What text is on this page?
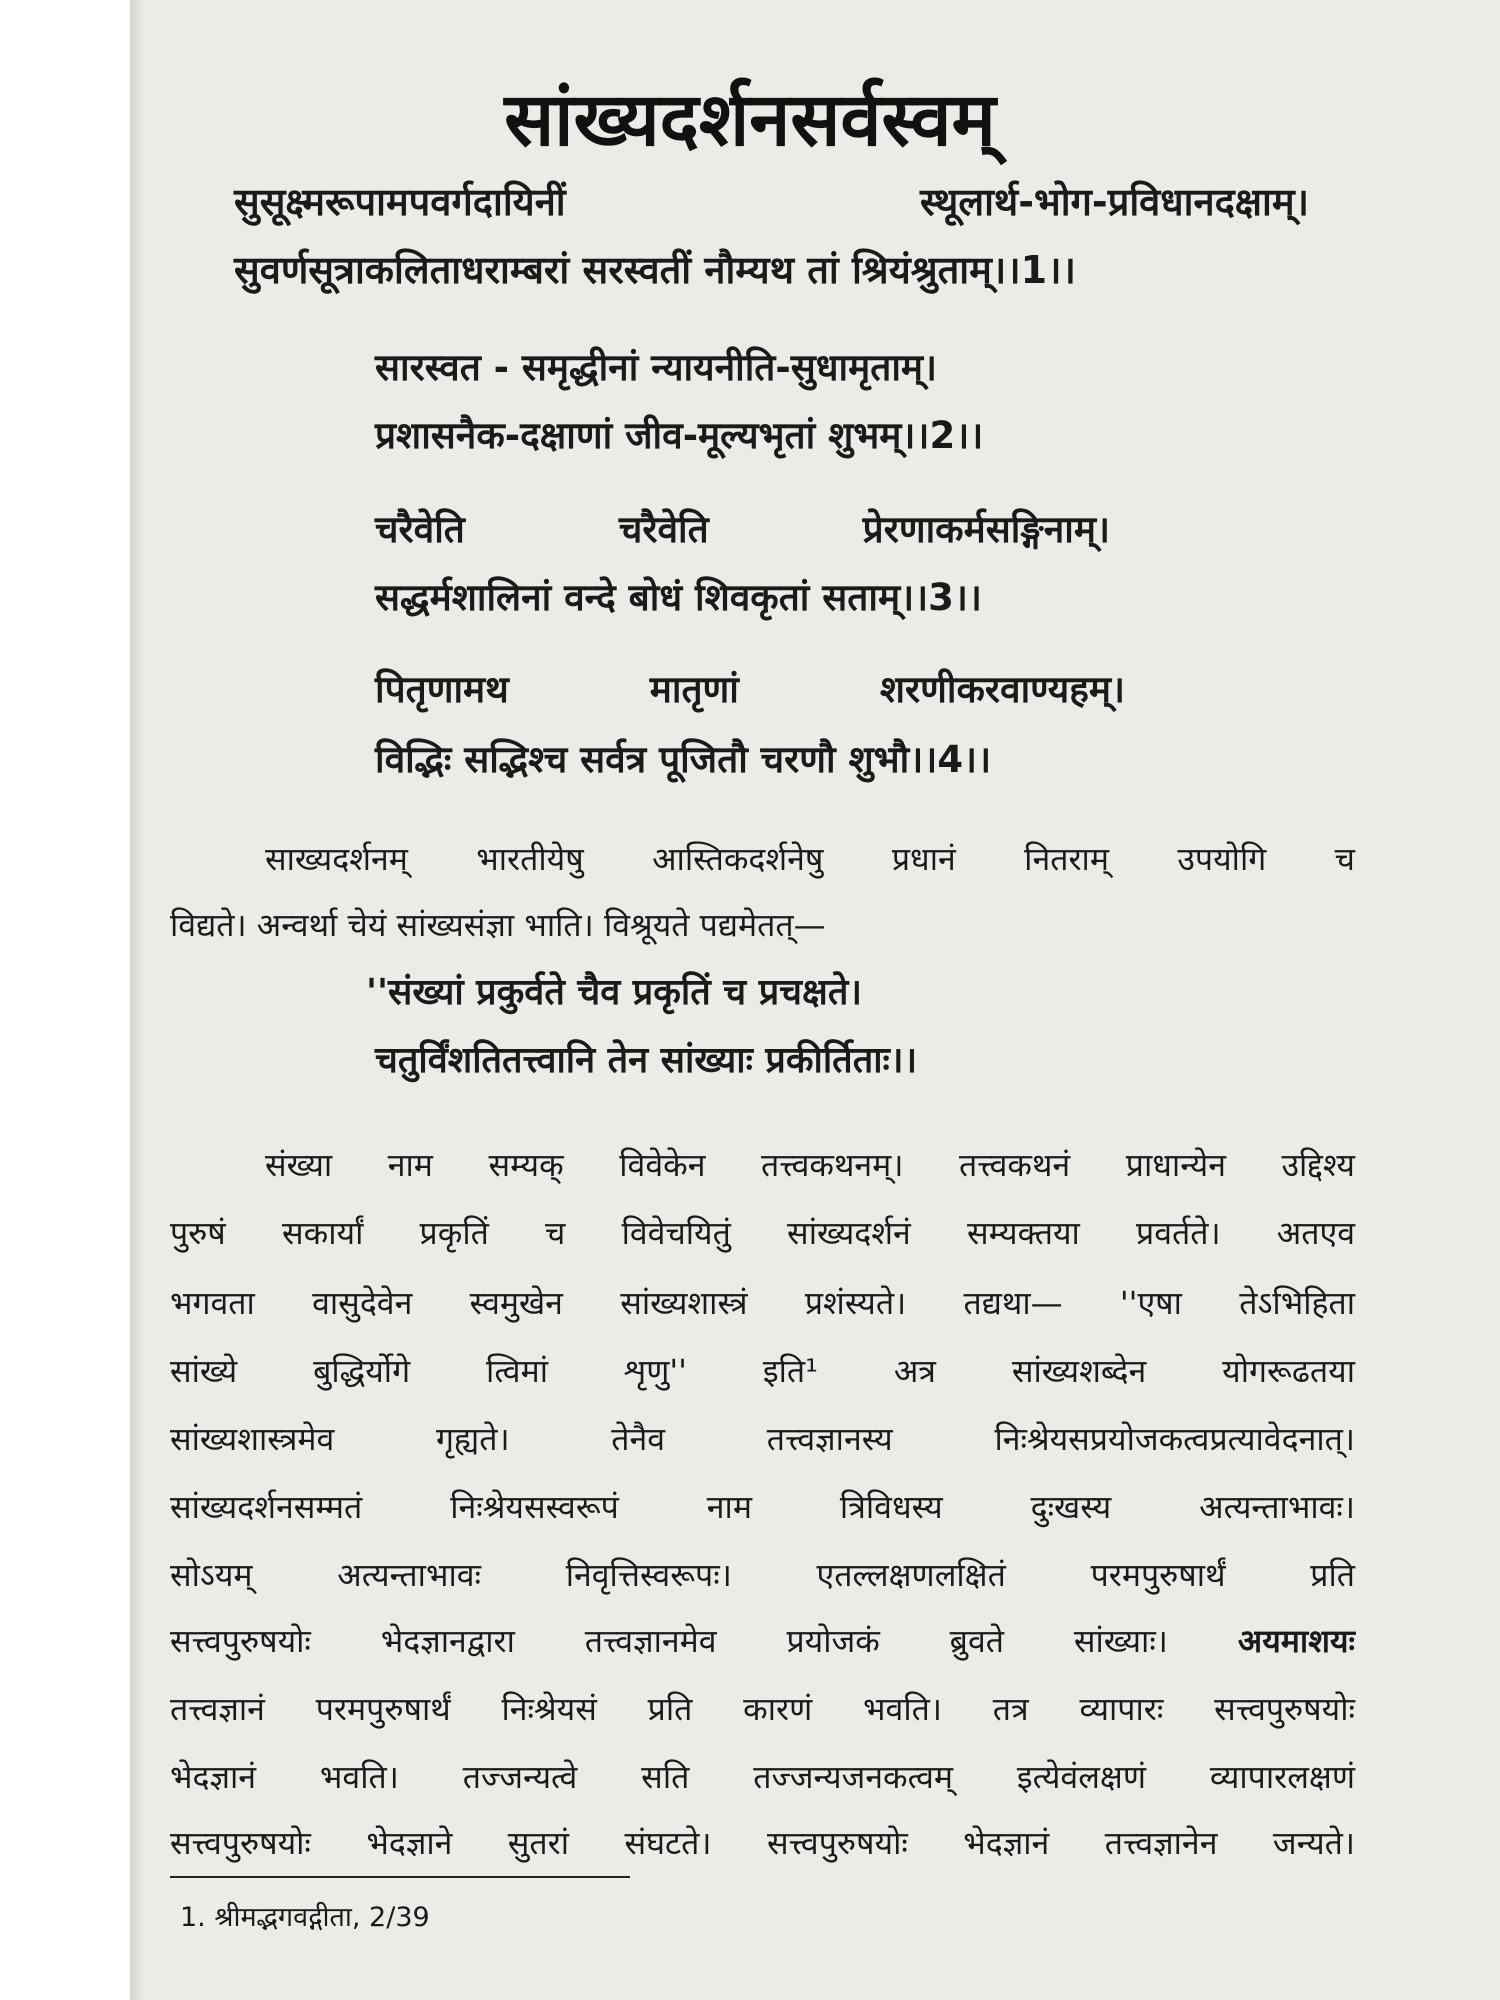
सांख्यदर्शनसर्वस्वम्

सुसूक्ष्मरूपामपवर्गदायिनीं स्थूलार्थ-भोग-प्रविधानदक्षाम्।

सुवर्णसूत्राकलिताधराम्बरां सरस्वतीं नौम्यथ तां श्रियंश्रुताम्।।1।।

सारस्वत - समृद्धीनां न्यायनीति-सुधामृताम्।

प्रशासनैक-दक्षाणां जीव-मूल्यभृतां शुभम्।।2।।

चरैवेति चरैवेति प्रेरणाकर्मसङ्गिनाम्।

सद्धर्मशालिनां वन्दे बोधं शिवकृतां सताम्।।3।।

पितृणामथ मातृणां शरणीकरवाण्यहम्।

विद्भिः सद्भिश्च सर्वत्र पूजितौ चरणौ शुभौ।।4।।

साख्यदर्शनम् भारतीयेषु आस्तिकदर्शनेषु प्रधानं नितराम् उपयोगि च

विद्यते। अन्वर्था चेयं सांख्यसंज्ञा भाति। विश्रूयते पद्यमेतत्—

''संख्यां प्रकुर्वते चैव प्रकृतिं च प्रचक्षते।

चतुर्विंशतितत्त्वानि तेन सांख्याः प्रकीर्तिताः।।

संख्या नाम सम्यक् विवेकेन तत्त्वकथनम्। तत्त्वकथनं प्राधान्येन उद्दिश्य

पुरुषं सकार्यां प्रकृतिं च विवेचयितुं सांख्यदर्शनं सम्यक्तया प्रवर्तते। अतएव

भगवता वासुदेवेन स्वमुखेन सांख्यशास्त्रं प्रशंस्यते। तद्यथा— ''एषा तेऽभिहिता

सांख्ये बुद्धिर्योगे त्विमां शृणु'' इति¹ अत्र सांख्यशब्देन योगरूढतया

सांख्यशास्त्रमेव गृह्यते। तेनैव तत्त्वज्ञानस्य निःश्रेयसप्रयोजकत्वप्रत्यावेदनात्।

सांख्यदर्शनसम्मतं निःश्रेयसस्वरूपं नाम त्रिविधस्य दुःखस्य अत्यन्ताभावः।

सोऽयम् अत्यन्ताभावः निवृत्तिस्वरूपः। एतल्लक्षणलक्षितं परमपुरुषार्थं प्रति

सत्त्वपुरुषयोः भेदज्ञानद्वारा तत्त्वज्ञानमेव प्रयोजकं ब्रुवते सांख्याः। अयमाशयः

तत्त्वज्ञानं परमपुरुषार्थं निःश्रेयसं प्रति कारणं भवति। तत्र व्यापारः सत्त्वपुरुषयोः

भेदज्ञानं भवति। तज्जन्यत्वे सति तज्जन्यजनकत्वम् इत्येवंलक्षणं व्यापारलक्षणं

सत्त्वपुरुषयोः भेदज्ञाने सुतरां संघटते। सत्त्वपुरुषयोः भेदज्ञानं तत्त्वज्ञानेन जन्यते।

1. श्रीमद्भगवद्गीता, 2/39
